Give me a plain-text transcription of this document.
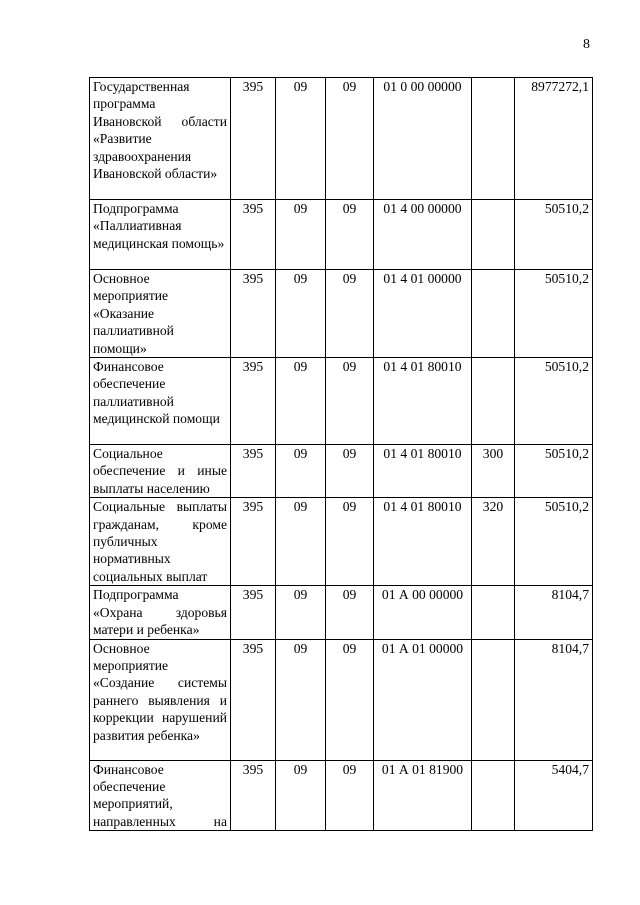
8
Государственная программа Ивановской области «Развитие здравоохранения Ивановской области»	395	09	09	01 0 00 00000		8977272,1
Подпрограмма «Паллиативная медицинская помощь»	395	09	09	01 4 00 00000		50510,2
Основное мероприятие «Оказание паллиативной помощи»	395	09	09	01 4 01 00000		50510,2
Финансовое обеспечение паллиативной медицинской помощи	395	09	09	01 4 01 80010		50510,2
Социальное обеспечение и иные выплаты населению	395	09	09	01 4 01 80010	300	50510,2
Социальные выплаты гражданам, кроме публичных нормативных социальных выплат	395	09	09	01 4 01 80010	320	50510,2
Подпрограмма «Охрана здоровья матери и ребенка»	395	09	09	01 А 00 00000		8104,7
Основное мероприятие «Создание системы раннего выявления и коррекции нарушений развития ребенка»	395	09	09	01 А 01 00000		8104,7
Финансовое обеспечение мероприятий, направленных на	395	09	09	01 А 01 81900		5404,7
